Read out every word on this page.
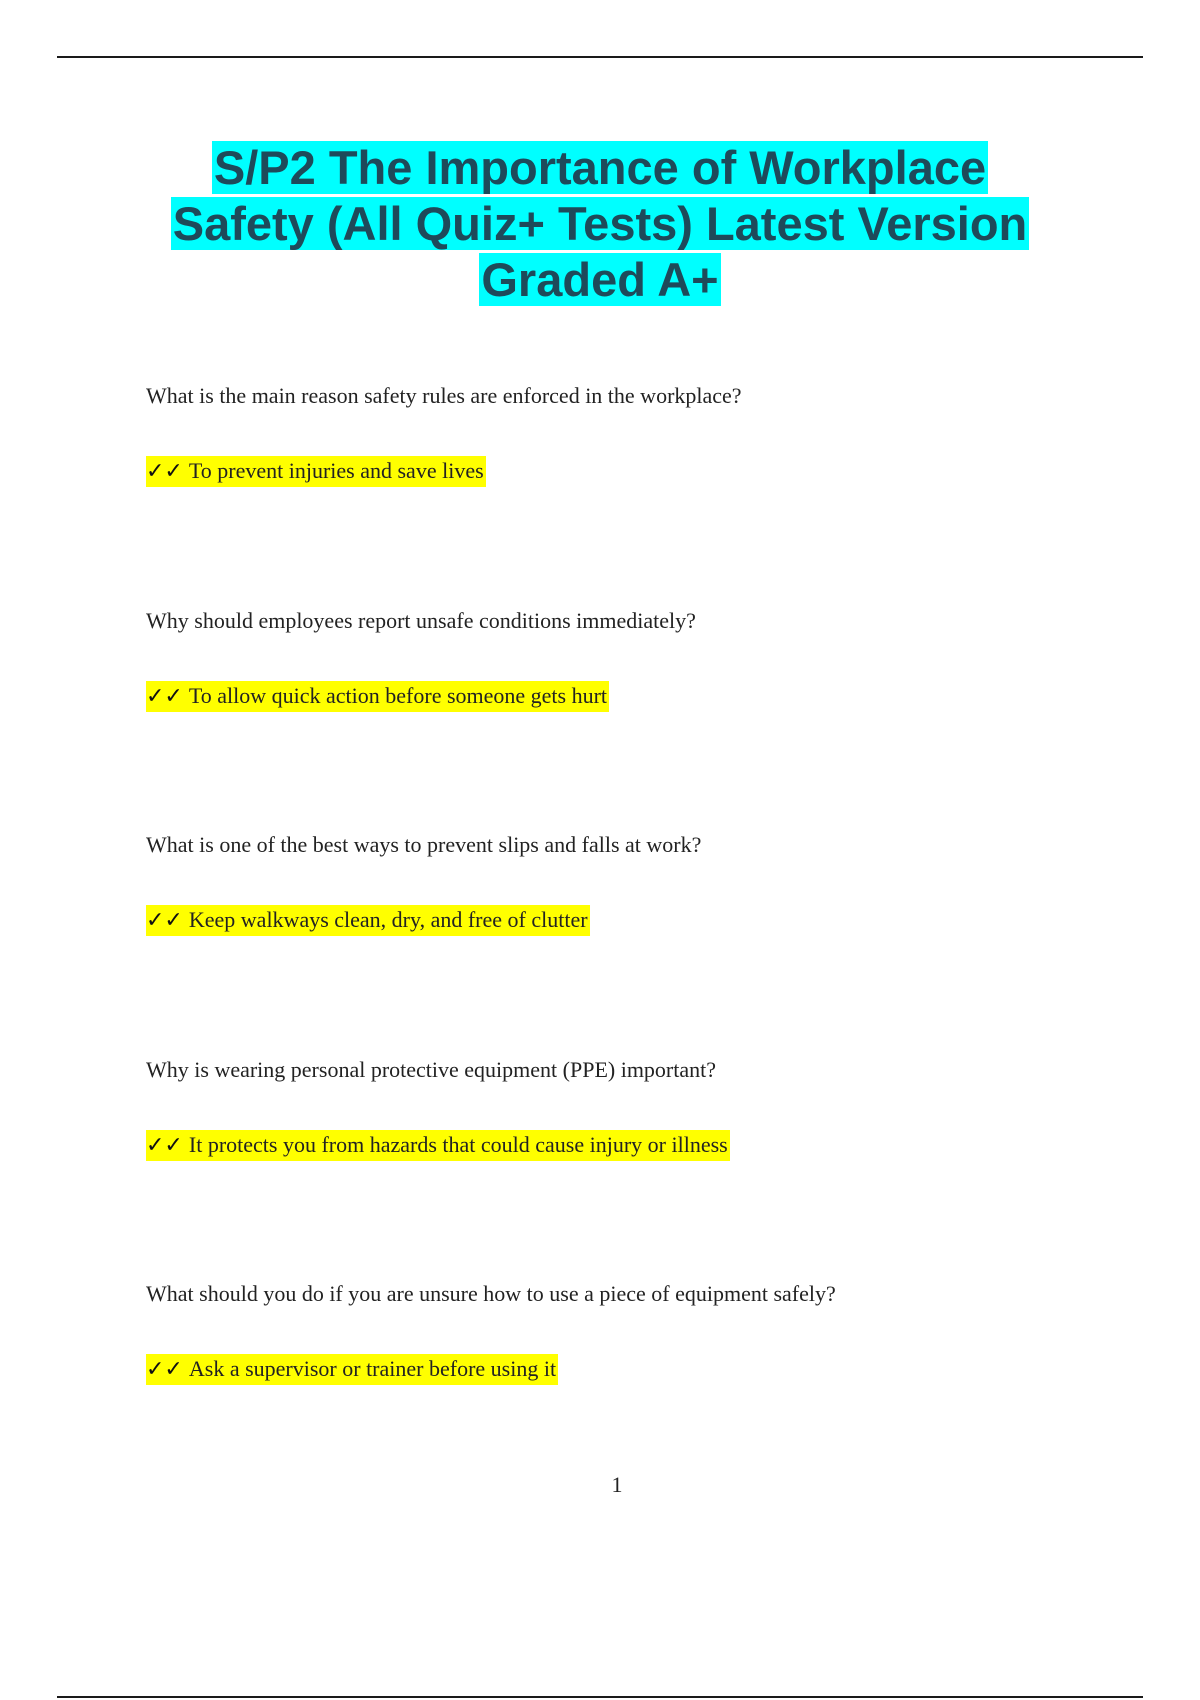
S/P2 The Importance of Workplace
Safety (All Quiz+ Tests) Latest Version
Graded A+
What is the main reason safety rules are enforced in the workplace?
✓✓ To prevent injuries and save lives
Why should employees report unsafe conditions immediately?
✓✓ To allow quick action before someone gets hurt
What is one of the best ways to prevent slips and falls at work?
✓✓ Keep walkways clean, dry, and free of clutter
Why is wearing personal protective equipment (PPE) important?
✓✓ It protects you from hazards that could cause injury or illness
What should you do if you are unsure how to use a piece of equipment safely?
✓✓ Ask a supervisor or trainer before using it
1
